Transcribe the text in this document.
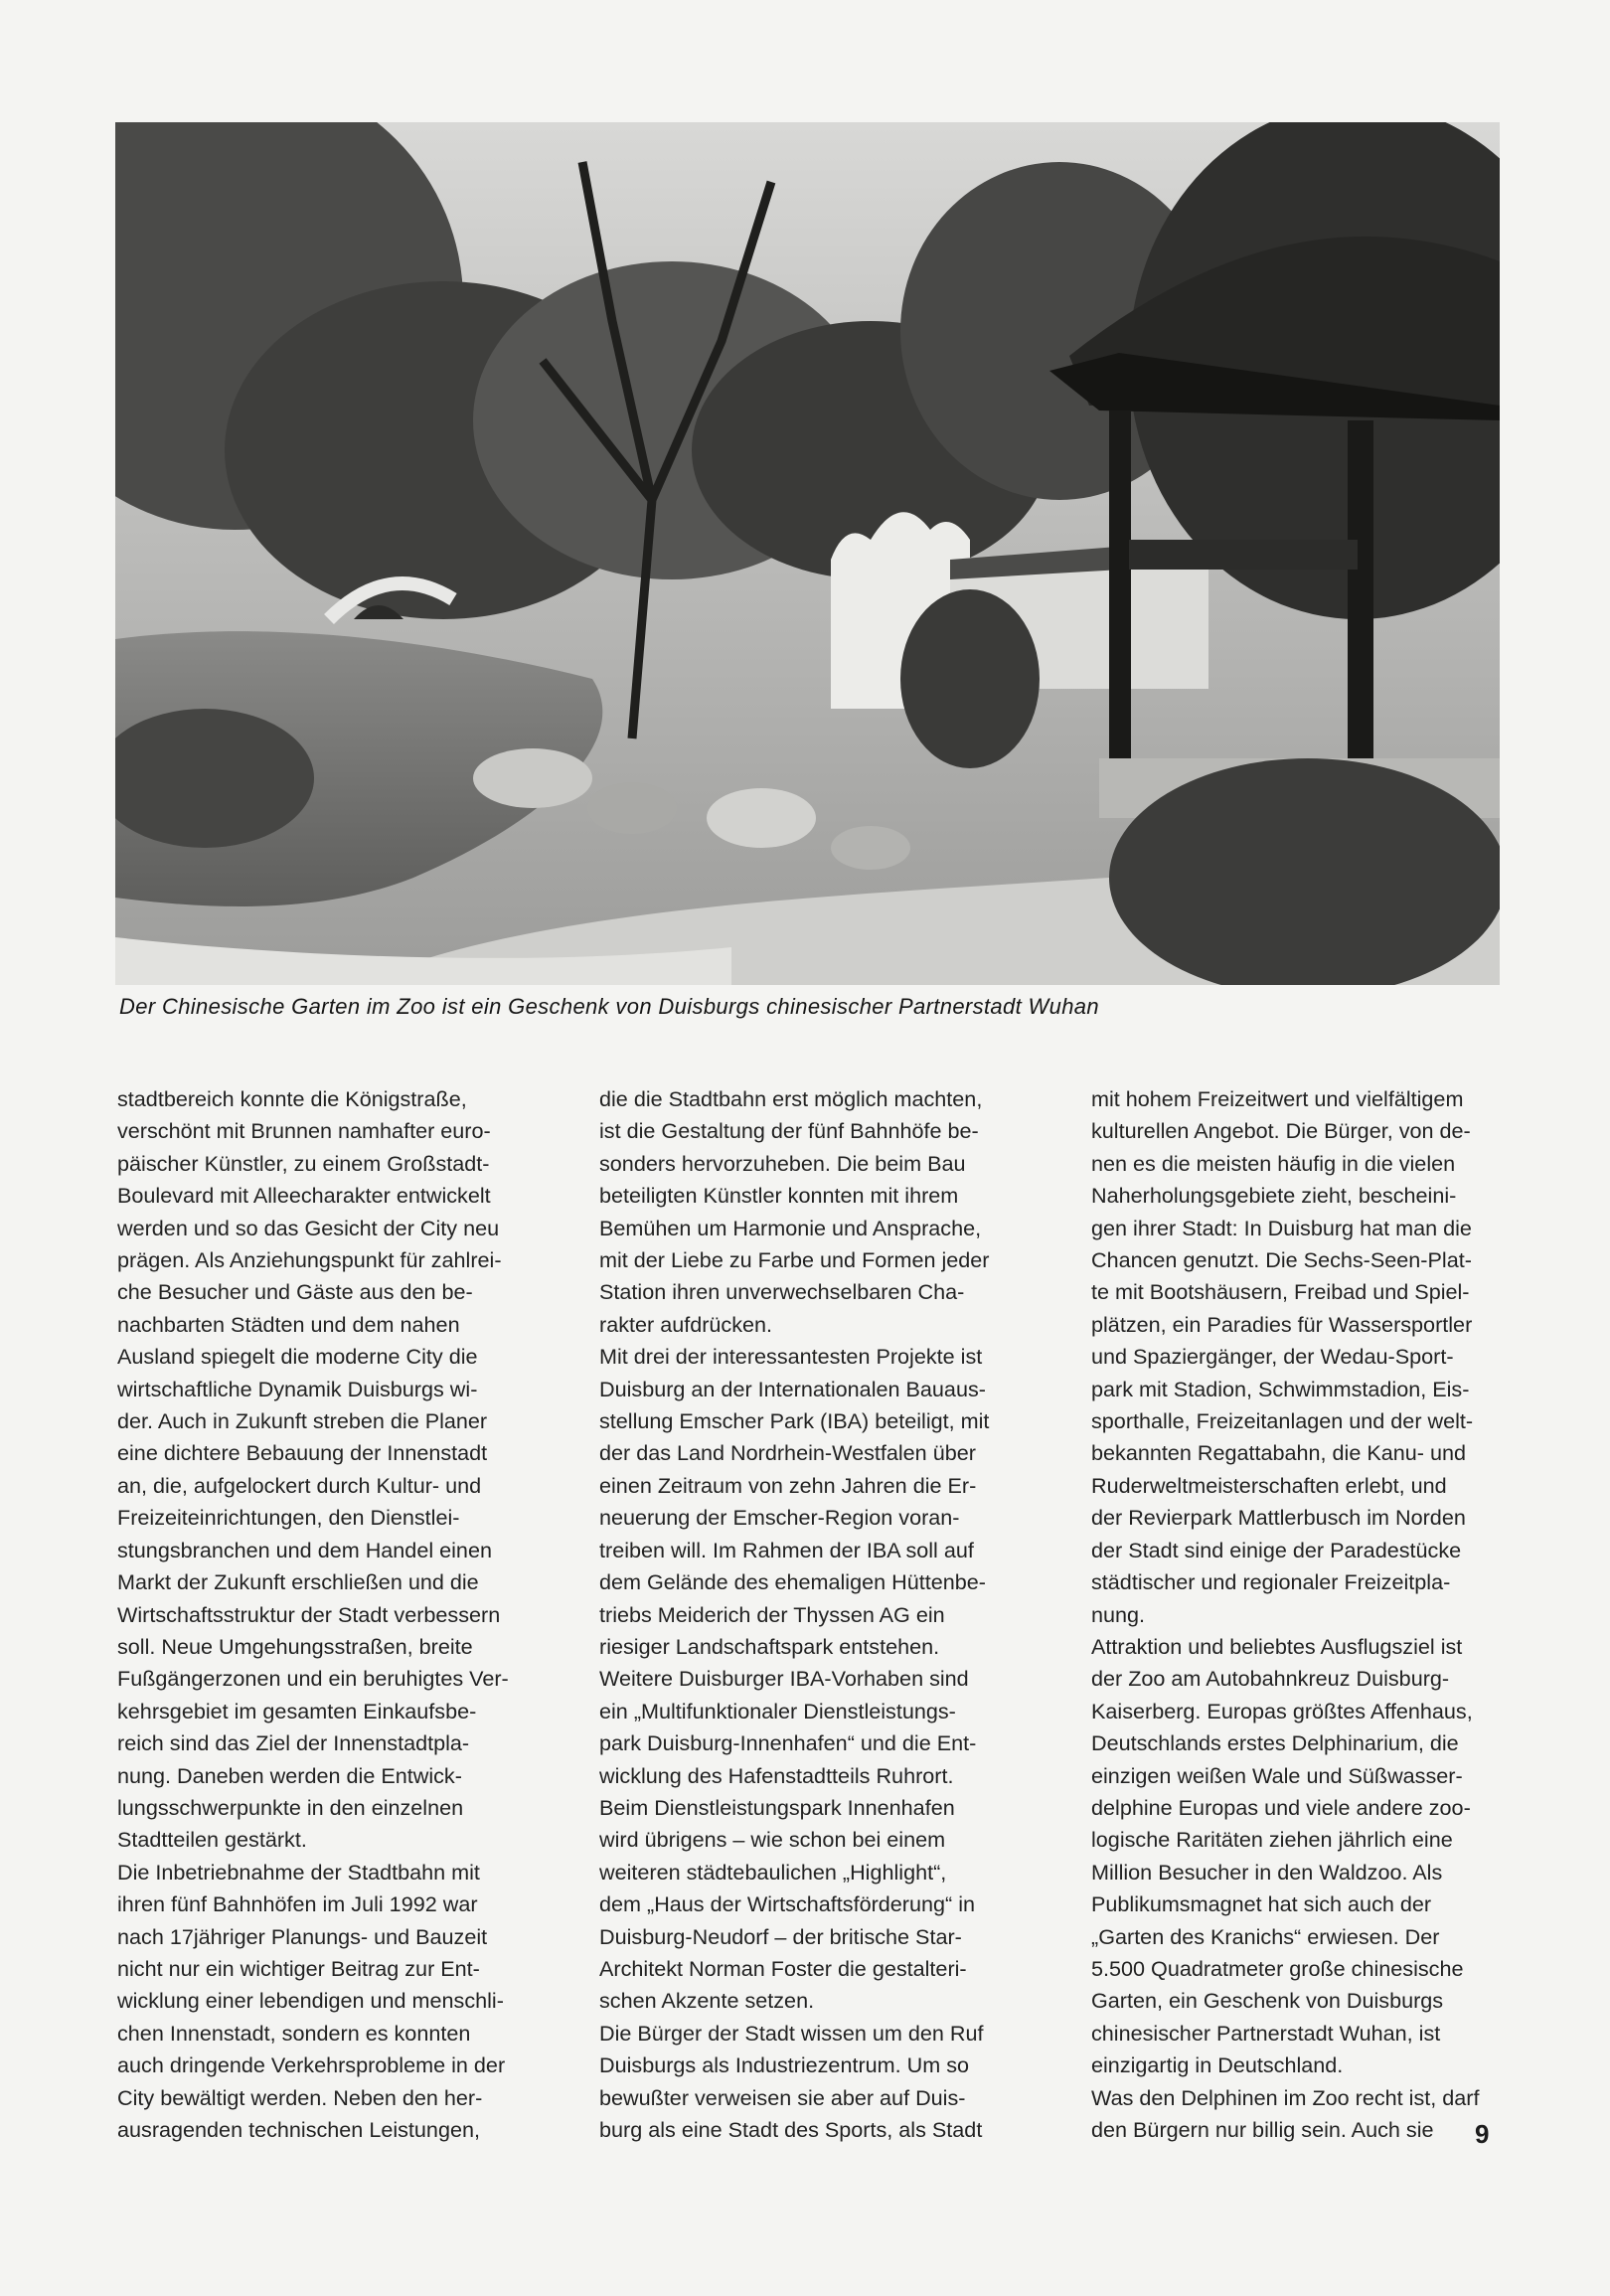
Der Chinesische Garten im Zoo ist ein Geschenk von Duisburgs chinesischer Partnerstadt Wuhan

stadtbereich konnte die Königstraße,
verschönt mit Brunnen namhafter euro-
päischer Künstler, zu einem Großstadt-
Boulevard mit Alleecharakter entwickelt
werden und so das Gesicht der City neu
prägen. Als Anziehungspunkt für zahlrei-
che Besucher und Gäste aus den be-
nachbarten Städten und dem nahen
Ausland spiegelt die moderne City die
wirtschaftliche Dynamik Duisburgs wi-
der. Auch in Zukunft streben die Planer
eine dichtere Bebauung der Innenstadt
an, die, aufgelockert durch Kultur- und
Freizeiteinrichtungen, den Dienstlei-
stungsbranchen und dem Handel einen
Markt der Zukunft erschließen und die
Wirtschaftsstruktur der Stadt verbessern
soll. Neue Umgehungsstraßen, breite
Fußgängerzonen und ein beruhigtes Ver-
kehrsgebiet im gesamten Einkaufsbe-
reich sind das Ziel der Innenstadtpla-
nung. Daneben werden die Entwick-
lungsschwerpunkte in den einzelnen
Stadtteilen gestärkt.
Die Inbetriebnahme der Stadtbahn mit
ihren fünf Bahnhöfen im Juli 1992 war
nach 17jähriger Planungs- und Bauzeit
nicht nur ein wichtiger Beitrag zur Ent-
wicklung einer lebendigen und menschli-
chen Innenstadt, sondern es konnten
auch dringende Verkehrsprobleme in der
City bewältigt werden. Neben den her-
ausragenden technischen Leistungen,

die die Stadtbahn erst möglich machten,
ist die Gestaltung der fünf Bahnhöfe be-
sonders hervorzuheben. Die beim Bau
beteiligten Künstler konnten mit ihrem
Bemühen um Harmonie und Ansprache,
mit der Liebe zu Farbe und Formen jeder
Station ihren unverwechselbaren Cha-
rakter aufdrücken.
Mit drei der interessantesten Projekte ist
Duisburg an der Internationalen Bauaus-
stellung Emscher Park (IBA) beteiligt, mit
der das Land Nordrhein-Westfalen über
einen Zeitraum von zehn Jahren die Er-
neuerung der Emscher-Region voran-
treiben will. Im Rahmen der IBA soll auf
dem Gelände des ehemaligen Hüttenbe-
triebs Meiderich der Thyssen AG ein
riesiger Landschaftspark entstehen.
Weitere Duisburger IBA-Vorhaben sind
ein „Multifunktionaler Dienstleistungs-
park Duisburg-Innenhafen“ und die Ent-
wicklung des Hafenstadtteils Ruhrort.
Beim Dienstleistungspark Innenhafen
wird übrigens – wie schon bei einem
weiteren städtebaulichen „Highlight“,
dem „Haus der Wirtschaftsförderung“ in
Duisburg-Neudorf – der britische Star-
Architekt Norman Foster die gestalteri-
schen Akzente setzen.
Die Bürger der Stadt wissen um den Ruf
Duisburgs als Industriezentrum. Um so
bewußter verweisen sie aber auf Duis-
burg als eine Stadt des Sports, als Stadt

mit hohem Freizeitwert und vielfältigem
kulturellen Angebot. Die Bürger, von de-
nen es die meisten häufig in die vielen
Naherholungsgebiete zieht, bescheini-
gen ihrer Stadt: In Duisburg hat man die
Chancen genutzt. Die Sechs-Seen-Plat-
te mit Bootshäusern, Freibad und Spiel-
plätzen, ein Paradies für Wassersportler
und Spaziergänger, der Wedau-Sport-
park mit Stadion, Schwimmstadion, Eis-
sporthalle, Freizeitanlagen und der welt-
bekannten Regattabahn, die Kanu- und
Ruderweltmeisterschaften erlebt, und
der Revierpark Mattlerbusch im Norden
der Stadt sind einige der Paradestücke
städtischer und regionaler Freizeitpla-
nung.
Attraktion und beliebtes Ausflugsziel ist
der Zoo am Autobahnkreuz Duisburg-
Kaiserberg. Europas größtes Affenhaus,
Deutschlands erstes Delphinarium, die
einzigen weißen Wale und Süßwasser-
delphine Europas und viele andere zoo-
logische Raritäten ziehen jährlich eine
Million Besucher in den Waldzoo. Als
Publikumsmagnet hat sich auch der
„Garten des Kranichs“ erwiesen. Der
5.500 Quadratmeter große chinesische
Garten, ein Geschenk von Duisburgs
chinesischer Partnerstadt Wuhan, ist
einzigartig in Deutschland.
Was den Delphinen im Zoo recht ist, darf
den Bürgern nur billig sein. Auch sie	9
